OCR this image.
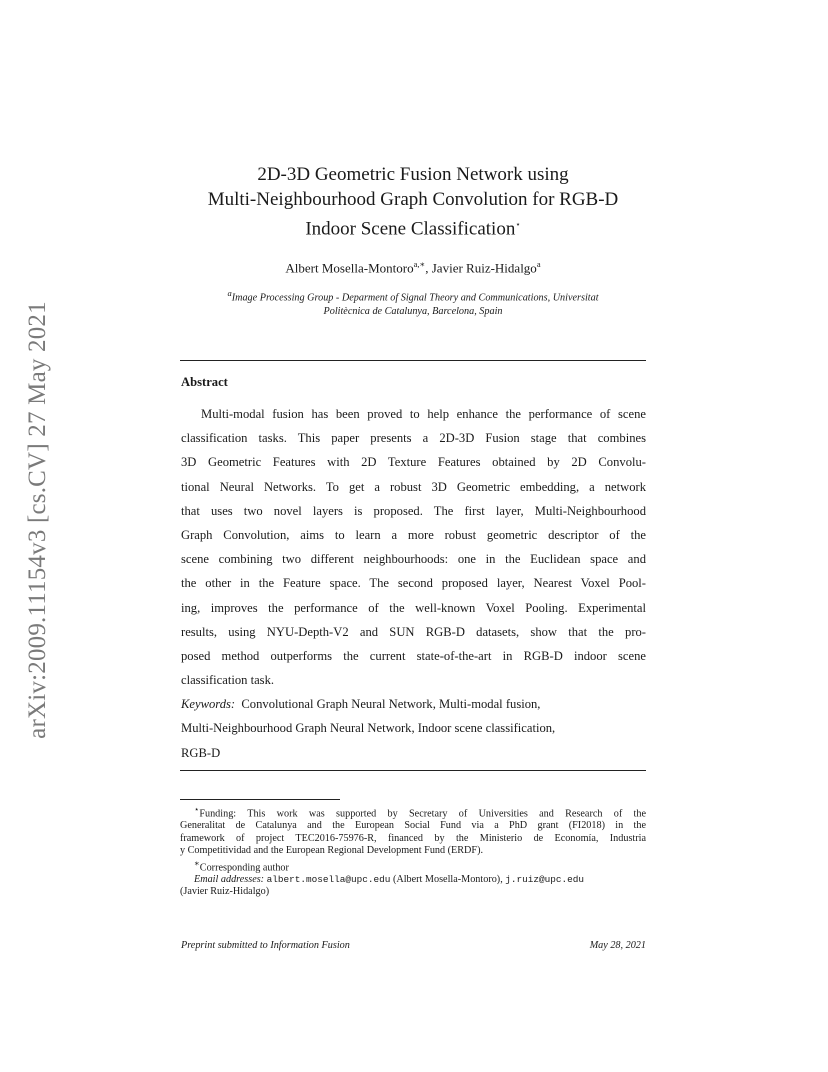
arXiv:2009.11154v3 [cs.CV] 27 May 2021
2D-3D Geometric Fusion Network using
Multi-Neighbourhood Graph Convolution for RGB-D
Indoor Scene Classification⋆
Albert Mosella-Montoro$^{a,∗}$, Javier Ruiz-Hidalgo$^a$
$^a$Image Processing Group - Deparment of Signal Theory and Communications, Universitat
Politècnica de Catalunya, Barcelona, Spain
Abstract
Multi-modal fusion has been proved to help enhance the performance of scene
classification tasks. This paper presents a 2D-3D Fusion stage that combines
3D Geometric Features with 2D Texture Features obtained by 2D Convolu-
tional Neural Networks. To get a robust 3D Geometric embedding, a network
that uses two novel layers is proposed. The first layer, Multi-Neighbourhood
Graph Convolution, aims to learn a more robust geometric descriptor of the
scene combining two different neighbourhoods: one in the Euclidean space and
the other in the Feature space. The second proposed layer, Nearest Voxel Pool-
ing, improves the performance of the well-known Voxel Pooling. Experimental
results, using NYU-Depth-V2 and SUN RGB-D datasets, show that the pro-
posed method outperforms the current state-of-the-art in RGB-D indoor scene
classification task.
Keywords: Convolutional Graph Neural Network, Multi-modal fusion,
Multi-Neighbourhood Graph Neural Network, Indoor scene classification,
RGB-D
⋆Funding: This work was supported by Secretary of Universities and Research of the
Generalitat de Catalunya and the European Social Fund via a PhD grant (FI2018) in the
framework of project TEC2016-75976-R, financed by the Ministerio de Economía, Industria
y Competitividad and the European Regional Development Fund (ERDF).
∗Corresponding author
Email addresses: albert.mosella@upc.edu (Albert Mosella-Montoro), j.ruiz@upc.edu
(Javier Ruiz-Hidalgo)
Preprint submitted to Information Fusion	May 28, 2021
